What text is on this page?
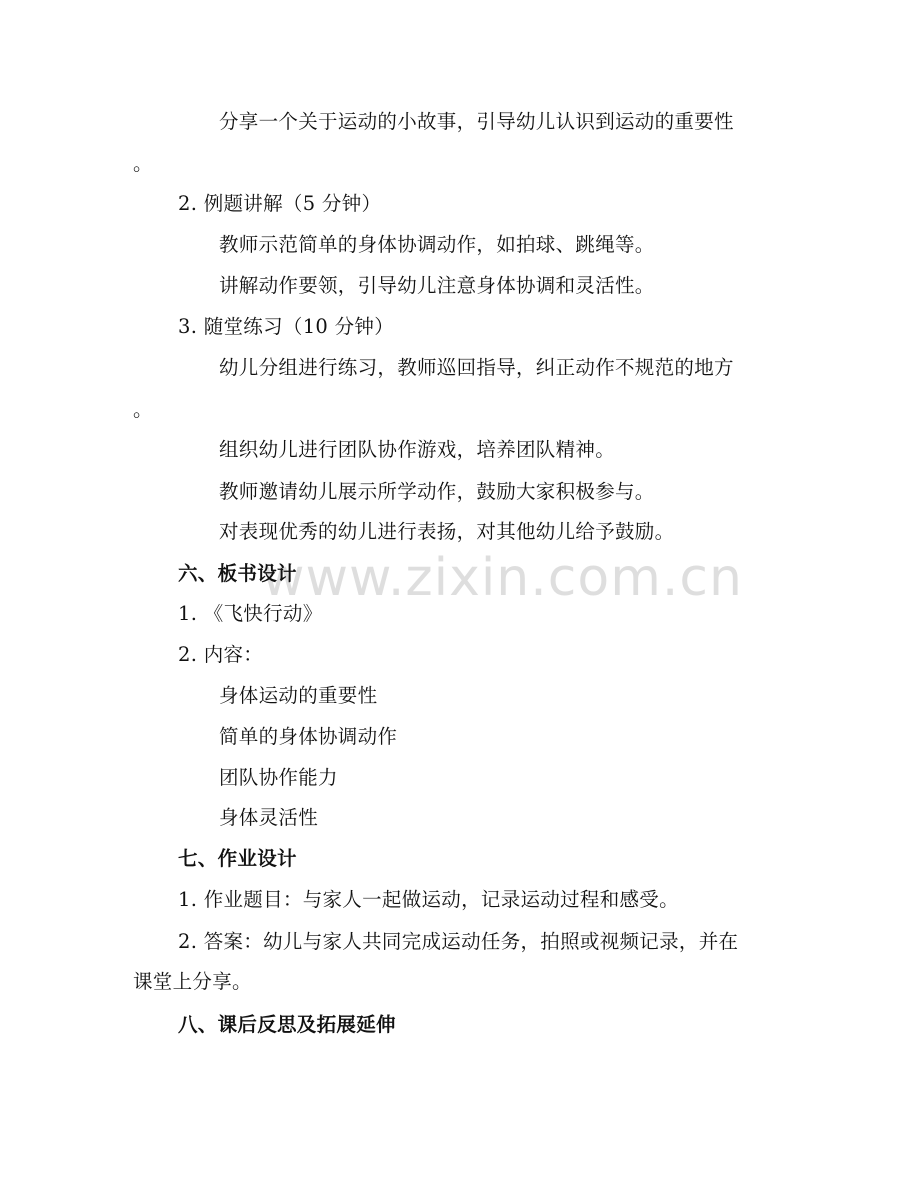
www.zixin.com.cn
分享一个关于运动的小故事，引导幼儿认识到运动的重要性
。
2. 例题讲解（5 分钟）
教师示范简单的身体协调动作，如拍球、跳绳等。
讲解动作要领，引导幼儿注意身体协调和灵活性。
3. 随堂练习（10 分钟）
幼儿分组进行练习，教师巡回指导，纠正动作不规范的地方
。
组织幼儿进行团队协作游戏，培养团队精神。
教师邀请幼儿展示所学动作，鼓励大家积极参与。
对表现优秀的幼儿进行表扬，对其他幼儿给予鼓励。
六、板书设计
1. 《飞快行动》
2. 内容：
身体运动的重要性
简单的身体协调动作
团队协作能力
身体灵活性
七、作业设计
1. 作业题目：与家人一起做运动，记录运动过程和感受。
2. 答案：幼儿与家人共同完成运动任务，拍照或视频记录，并在
课堂上分享。
八、课后反思及拓展延伸
